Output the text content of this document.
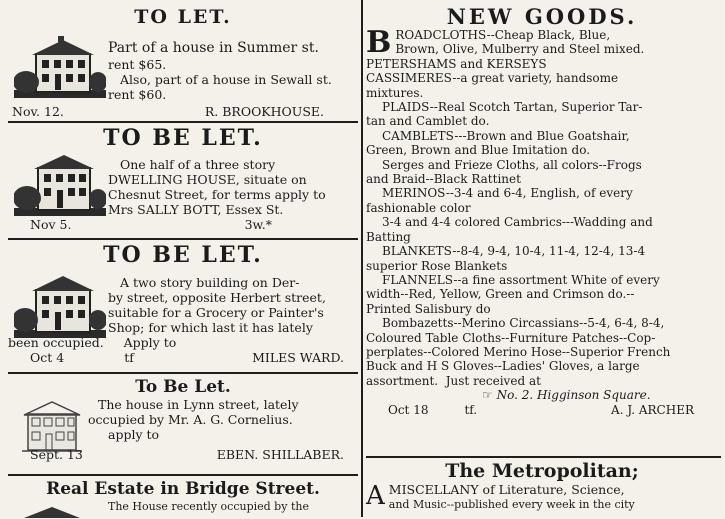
TO LET.

Part of a house in Summer st.

rent $65.

Also, part of a house in Sewall st.

rent $60.

Nov. 12.	R. BROOKHOUSE.
TO BE LET.

One half of a three story

DWELLING HOUSE, situate on

Chesnut Street, for terms apply to

Mrs SALLY BOTT, Essex St.

Nov 5.	3w.*
TO BE LET.

A two story building on Der-

by street, opposite Herbert street,

suitable for a Grocery or Painter's

Shop; for which last it has lately

been occupied.     Apply to

Oct 4	tf	MILES WARD.
To Be Let.

The house in Lynn street, lately

occupied by Mr. A. G. Cornelius.

apply to

Sept. 13	EBEN. SHILLABER.
Real Estate in Bridge Street.
The House recently occupied by the
NEW GOODS.
B ROADCLOTHS--Cheap Black, Blue,

Brown, Olive, Mulberry and Steel mixed.

PETERSHAMS and KERSEYS

CASSIMERES--a great variety, handsome

mixtures.

PLAIDS--Real Scotch Tartan, Superior Tar-

tan and Camblet do.

CAMBLETS---Brown and Blue Goatshair,

Green, Brown and Blue Imitation do.

Serges and Frieze Cloths, all colors--Frogs

and Braid--Black Rattinet

MERINOS--3-4 and 6-4, English, of every

fashionable color

3-4 and 4-4 colored Cambrics---Wadding and

Batting

BLANKETS--8-4, 9-4, 10-4, 11-4, 12-4, 13-4

superior Rose Blankets

FLANNELS--a fine assortment White of every

width--Red, Yellow, Green and Crimson do.--

Printed Salisbury do

Bombazetts--Merino Circassians--5-4, 6-4, 8-4,

Coloured Table Cloths--Furniture Patches--Cop-

perplates--Colored Merino Hose--Superior French

Buck and H S Gloves--Ladies' Gloves, a large

assortment.  Just received at

☞ No. 2. Higginson Square.

Oct 18	tf.	A. J. ARCHER
The Metropolitan;
A MISCELLANY of Literature, Science,

and Music--published every week in the city
